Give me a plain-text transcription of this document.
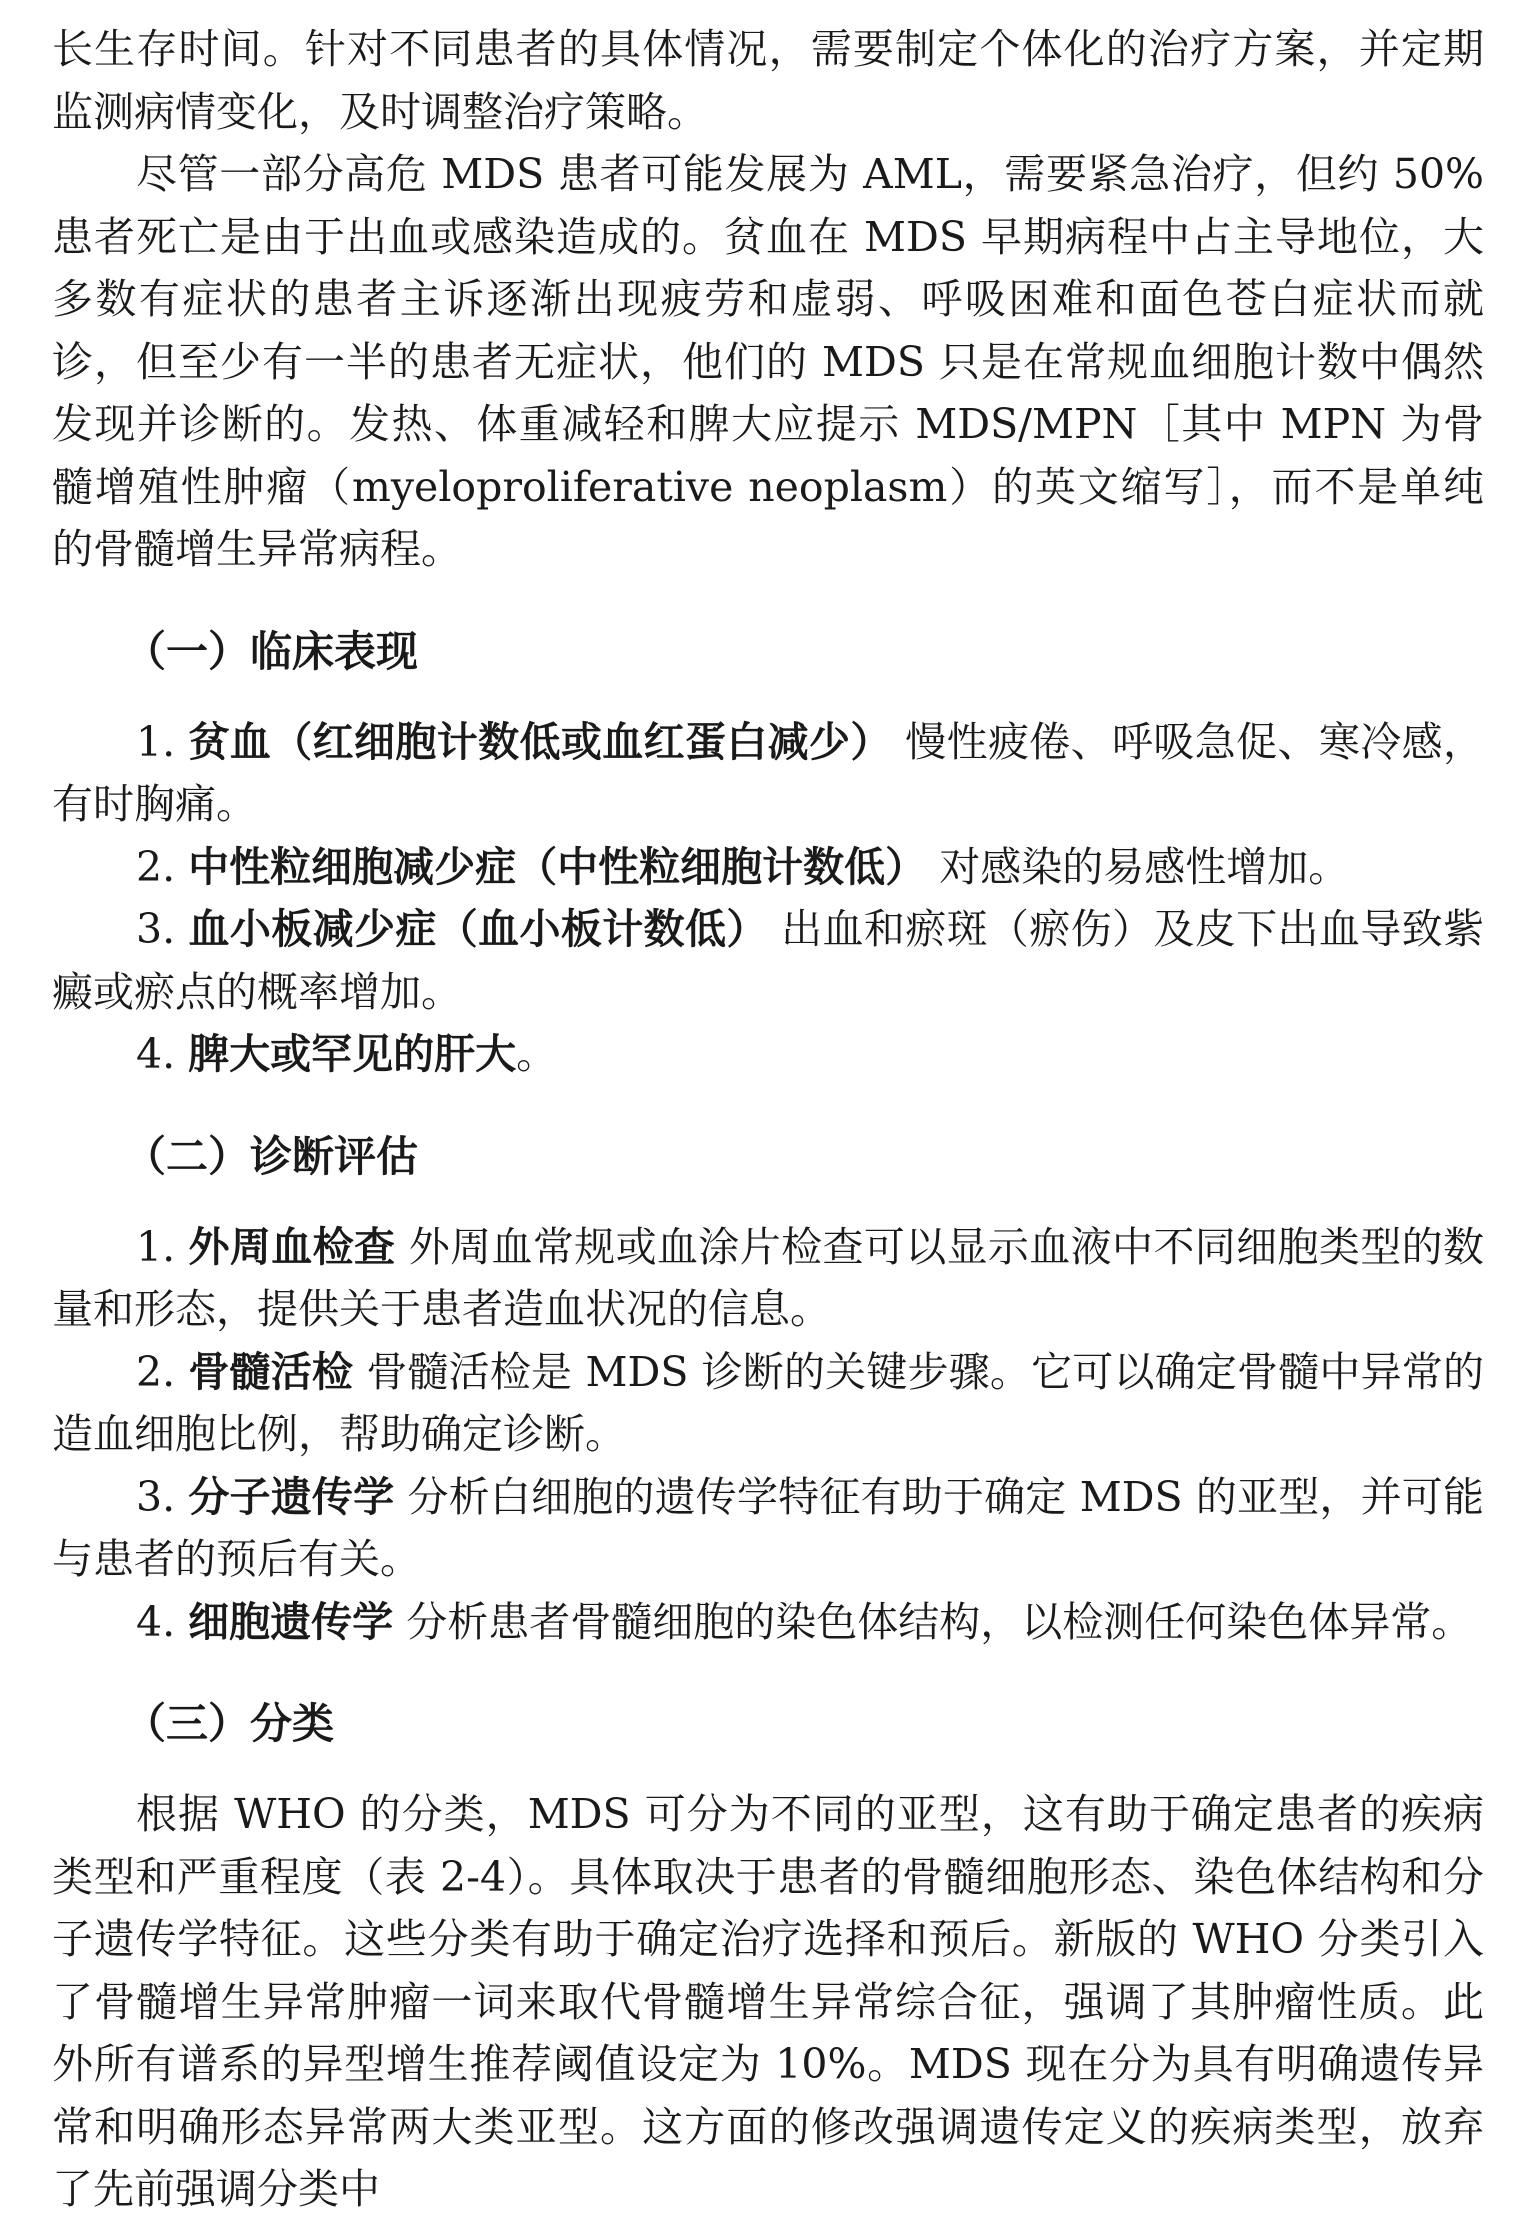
长生存时间。针对不同患者的具体情况，需要制定个体化的治疗方案，并定期监测病情变化，及时调整治疗策略。

尽管一部分高危 MDS 患者可能发展为 AML，需要紧急治疗，但约 50% 患者死亡是由于出血或感染造成的。贫血在 MDS 早期病程中占主导地位，大多数有症状的患者主诉逐渐出现疲劳和虚弱、呼吸困难和面色苍白症状而就诊，但至少有一半的患者无症状，他们的 MDS 只是在常规血细胞计数中偶然发现并诊断的。发热、体重减轻和脾大应提示 MDS/MPN［其中 MPN 为骨髓增殖性肿瘤（myeloproliferative neoplasm）的英文缩写］，而不是单纯的骨髓增生异常病程。

（一）临床表现

1. 贫血（红细胞计数低或血红蛋白减少） 慢性疲倦、呼吸急促、寒冷感，有时胸痛。

2. 中性粒细胞减少症（中性粒细胞计数低） 对感染的易感性增加。

3. 血小板减少症（血小板计数低） 出血和瘀斑（瘀伤）及皮下出血导致紫癜或瘀点的概率增加。

4. 脾大或罕见的肝大。

（二）诊断评估

1. 外周血检查 外周血常规或血涂片检查可以显示血液中不同细胞类型的数量和形态，提供关于患者造血状况的信息。

2. 骨髓活检 骨髓活检是 MDS 诊断的关键步骤。它可以确定骨髓中异常的造血细胞比例，帮助确定诊断。

3. 分子遗传学 分析白细胞的遗传学特征有助于确定 MDS 的亚型，并可能与患者的预后有关。

4. 细胞遗传学 分析患者骨髓细胞的染色体结构，以检测任何染色体异常。

（三）分类

根据 WHO 的分类，MDS 可分为不同的亚型，这有助于确定患者的疾病类型和严重程度（表 2-4）。具体取决于患者的骨髓细胞形态、染色体结构和分子遗传学特征。这些分类有助于确定治疗选择和预后。新版的 WHO 分类引入了骨髓增生异常肿瘤一词来取代骨髓增生异常综合征，强调了其肿瘤性质。此外所有谱系的异型增生推荐阈值设定为 10%。MDS 现在分为具有明确遗传异常和明确形态异常两大类亚型。这方面的修改强调遗传定义的疾病类型，放弃了先前强调分类中
